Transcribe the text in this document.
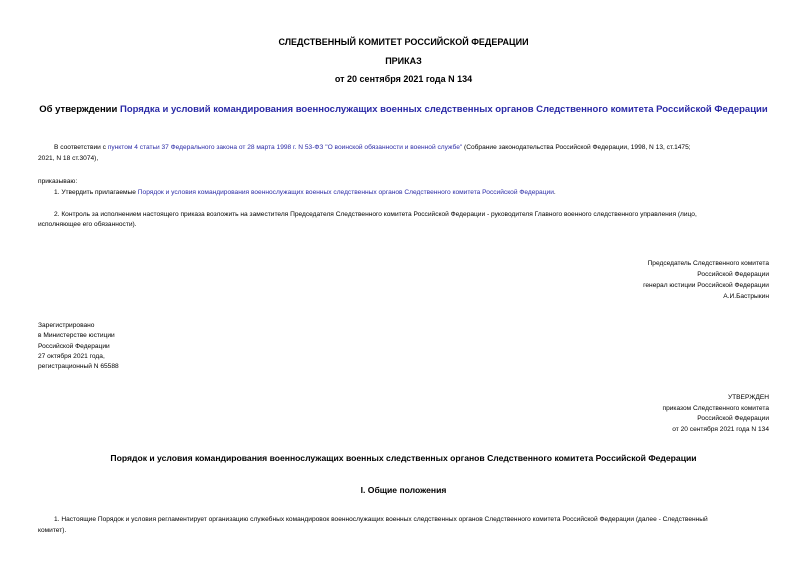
СЛЕДСТВЕННЫЙ КОМИТЕТ РОССИЙСКОЙ ФЕДЕРАЦИИ
ПРИКАЗ
от 20 сентября 2021 года N 134
Об утверждении Порядка и условий командирования военнослужащих военных следственных органов Следственного комитета Российской Федерации
В соответствии с пунктом 4 статьи 37 Федерального закона от 28 марта 1998 г. N 53-ФЗ "О воинской обязанности и военной службе" (Собрание законодательства Российской Федерации, 1998, N 13, ст.1475;
2021, N 18 ст.3074),
приказываю:
1. Утвердить прилагаемые Порядок и условия командирования военнослужащих военных следственных органов Следственного комитета Российской Федерации.
2. Контроль за исполнением настоящего приказа возложить на заместителя Председателя Следственного комитета Российской Федерации - руководителя Главного военного следственного управления (лицо,
исполняющее его обязанности).
Председатель Следственного комитета
Российской Федерации
генерал юстиции Российской Федерации
А.И.Бастрыкин
Зарегистрировано
в Министерстве юстиции
Российской Федерации
27 октября 2021 года,
регистрационный N 65588
УТВЕРЖДЕН
приказом Следственного комитета
Российской Федерации
от 20 сентября 2021 года N 134
Порядок и условия командирования военнослужащих военных следственных органов Следственного комитета Российской Федерации
I. Общие положения
1. Настоящие Порядок и условия регламентирует организацию служебных командировок военнослужащих военных следственных органов Следственного комитета Российской Федерации (далее - Следственный
комитет).
